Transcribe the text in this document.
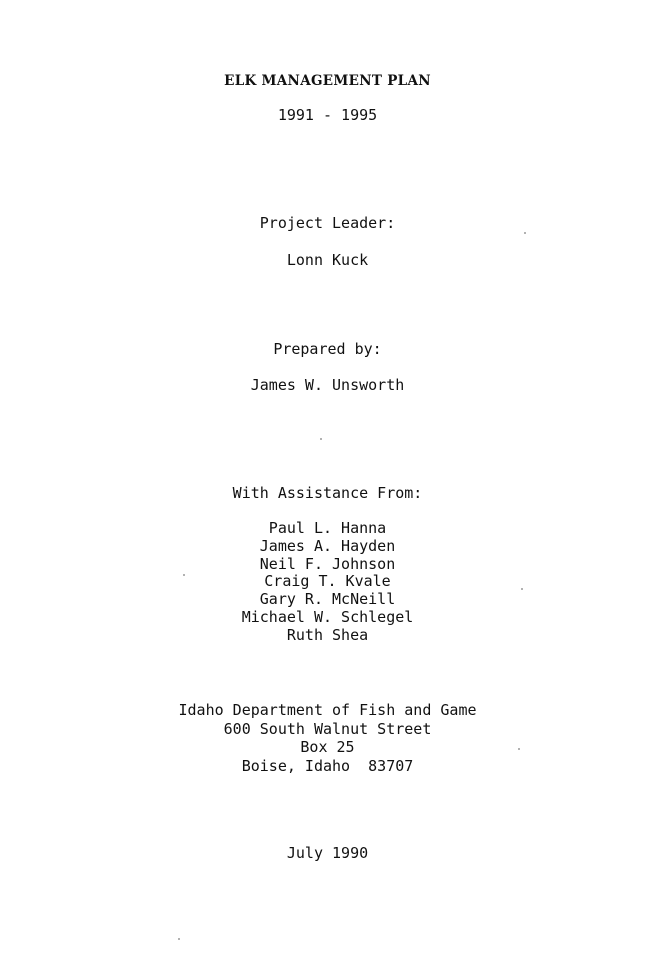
ELK MANAGEMENT PLAN
1991 - 1995
Project Leader:
Lonn Kuck
Prepared by:
James W. Unsworth
With Assistance From:
Paul L. Hanna
James A. Hayden
Neil F. Johnson
Craig T. Kvale
Gary R. McNeill
Michael W. Schlegel
Ruth Shea
Idaho Department of Fish and Game
600 South Walnut Street
Box 25
Boise, Idaho  83707
July 1990
